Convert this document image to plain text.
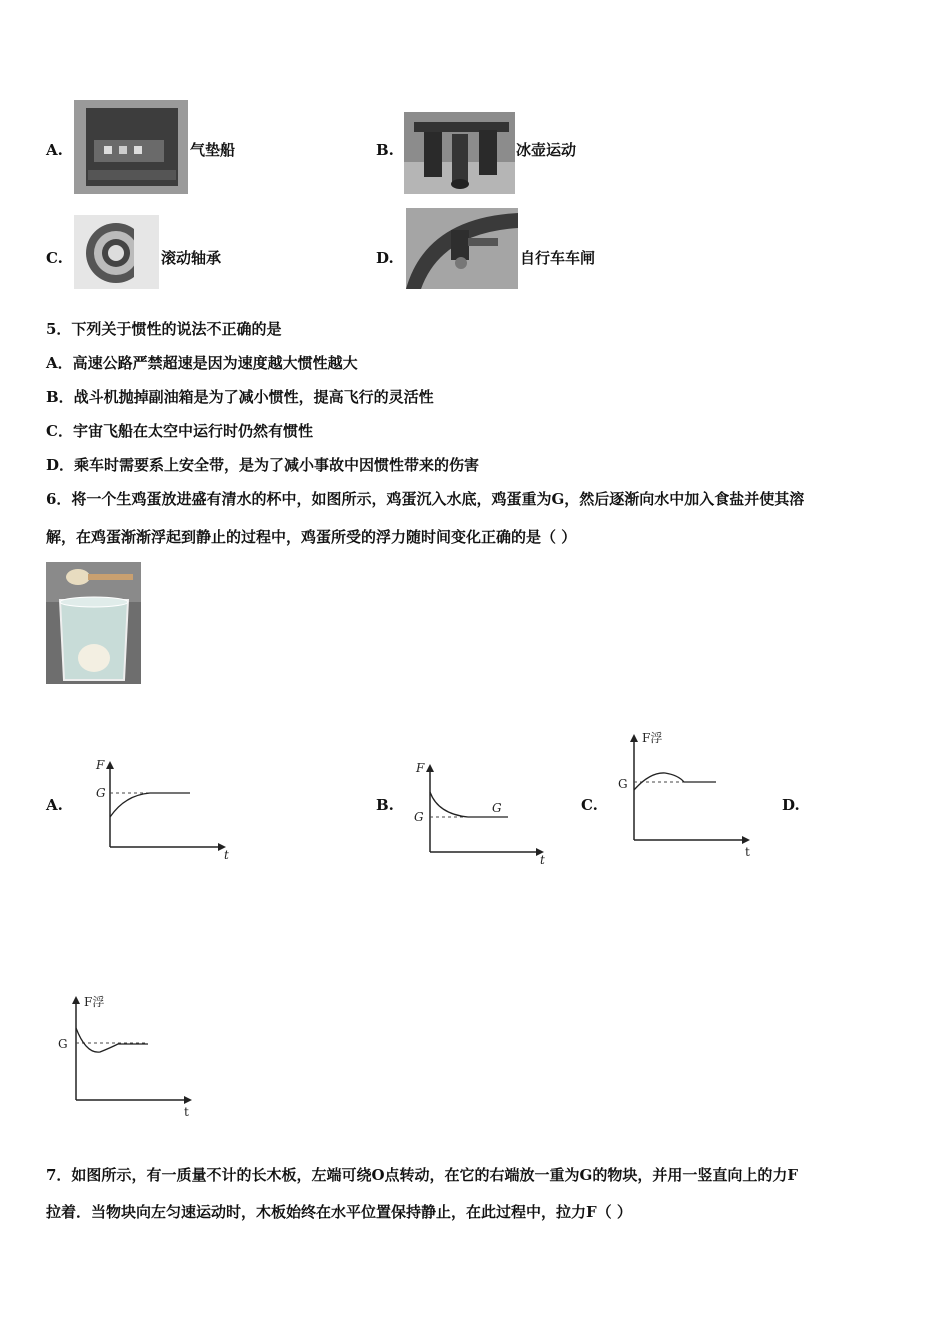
A.	气垫船	B.	冰壶运动
C.	滚动轴承	D.	自行车车闸
5．下列关于惯性的说法不正确的是
A．高速公路严禁超速是因为速度越大惯性越大
B．战斗机抛掉副油箱是为了减小惯性，提高飞行的灵活性
C．宇宙飞船在太空中运行时仍然有惯性
D．乘车时需要系上安全带，是为了减小事故中因惯性带来的伤害
6．将一个生鸡蛋放进盛有清水的杯中，如图所示，鸡蛋沉入水底，鸡蛋重为G，然后逐渐向水中加入食盐并使其溶
解，在鸡蛋渐渐浮起到静止的过程中，鸡蛋所受的浮力随时间变化正确的是（ ）
A.
F
G
t
B.
F
G
G
t
C.
F浮
G
t
D.
F浮
G
t
7．如图所示，有一质量不计的长木板，左端可绕O点转动，在它的右端放一重为G的物块，并用一竖直向上的力F
拉着．当物块向左匀速运动时，木板始终在水平位置保持静止，在此过程中，拉力F（ ）
